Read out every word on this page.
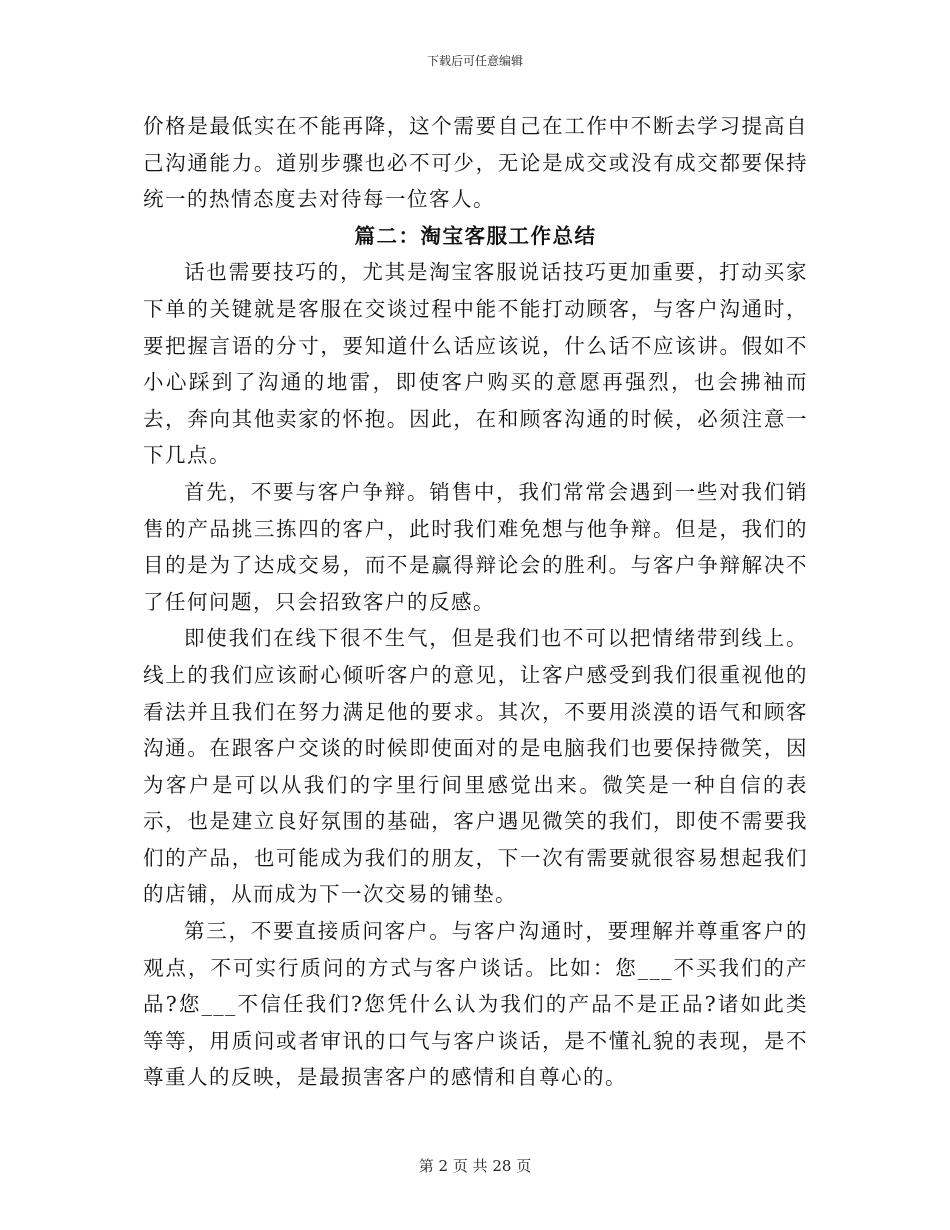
下载后可任意编辑

价格是最低实在不能再降，这个需要自己在工作中不断去学习提高自己沟通能力。道别步骤也必不可少，无论是成交或没有成交都要保持统一的热情态度去对待每一位客人。

篇二：淘宝客服工作总结

话也需要技巧的，尤其是淘宝客服说话技巧更加重要，打动买家下单的关键就是客服在交谈过程中能不能打动顾客，与客户沟通时，要把握言语的分寸，要知道什么话应该说，什么话不应该讲。假如不小心踩到了沟通的地雷，即使客户购买的意愿再强烈，也会拂袖而去，奔向其他卖家的怀抱。因此，在和顾客沟通的时候，必须注意一下几点。

首先，不要与客户争辩。销售中，我们常常会遇到一些对我们销售的产品挑三拣四的客户，此时我们难免想与他争辩。但是，我们的目的是为了达成交易，而不是赢得辩论会的胜利。与客户争辩解决不了任何问题，只会招致客户的反感。

即使我们在线下很不生气，但是我们也不可以把情绪带到线上。线上的我们应该耐心倾听客户的意见，让客户感受到我们很重视他的看法并且我们在努力满足他的要求。其次，不要用淡漠的语气和顾客沟通。在跟客户交谈的时候即使面对的是电脑我们也要保持微笑，因为客户是可以从我们的字里行间里感觉出来。微笑是一种自信的表示，也是建立良好氛围的基础，客户遇见微笑的我们，即使不需要我们的产品，也可能成为我们的朋友，下一次有需要就很容易想起我们的店铺，从而成为下一次交易的铺垫。

第三，不要直接质问客户。与客户沟通时，要理解并尊重客户的观点，不可实行质问的方式与客户谈话。比如：您___不买我们的产品?您___不信任我们?您凭什么认为我们的产品不是正品?诸如此类等等，用质问或者审讯的口气与客户谈话，是不懂礼貌的表现，是不尊重人的反映，是最损害客户的感情和自尊心的。

第 2 页 共 28 页
